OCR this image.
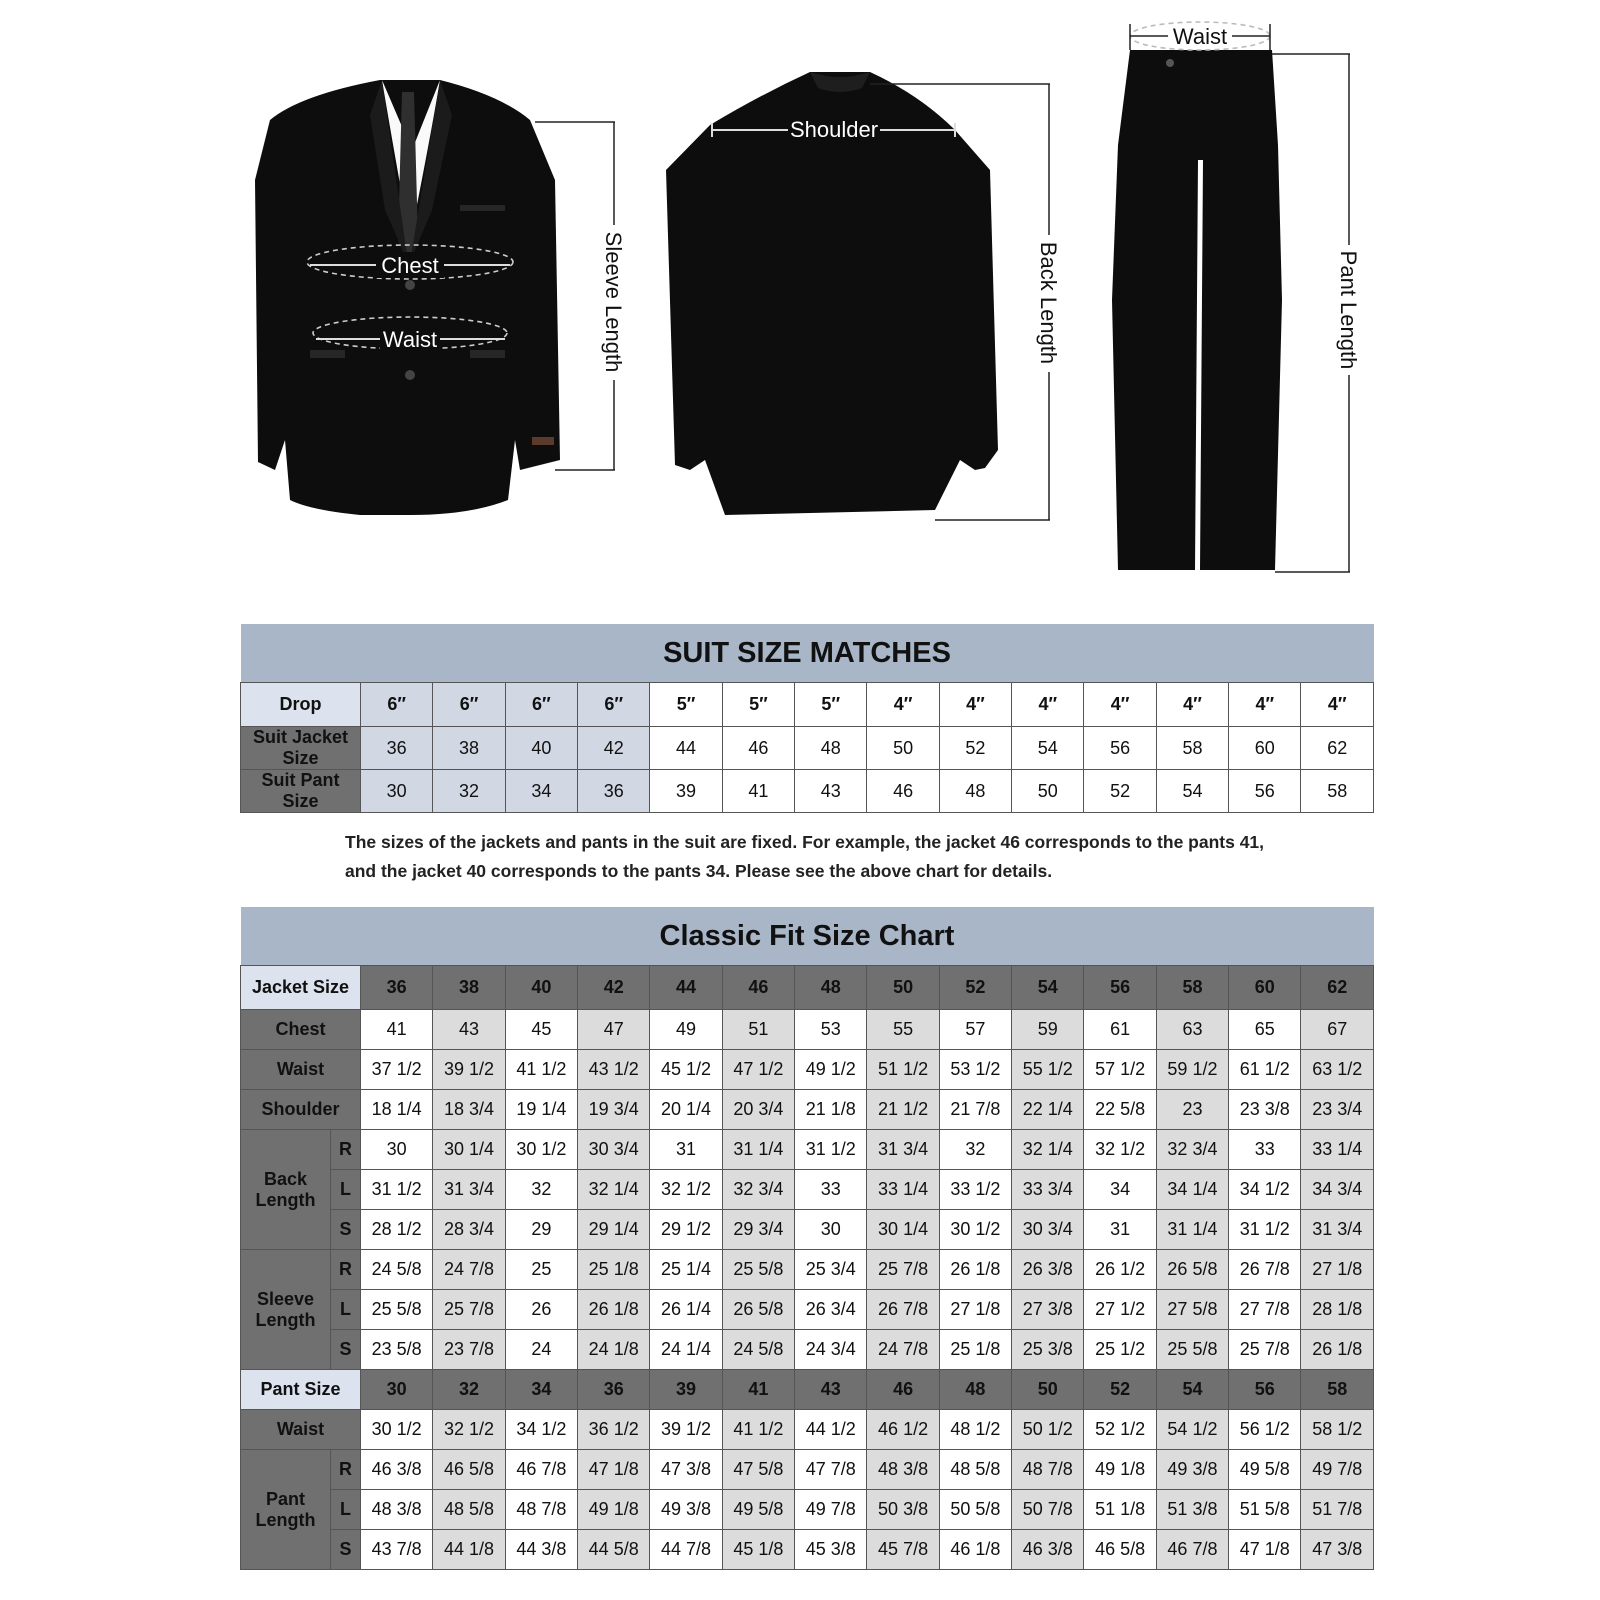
Chest
Waist	Sleeve Length
Shoulder
Back Length
Waist
Pant Length
SUIT SIZE MATCHES														
Drop	6′′	6′′	6′′	6′′	5′′	5′′	5′′	4′′	4′′	4′′	4′′	4′′	4′′	4′′
Suit Jacket Size	36	38	40	42	44	46	48	50	52	54	56	58	60	62
Suit Pant Size	30	32	34	36	39	41	43	46	48	50	52	54	56	58

The sizes of the jackets and pants in the suit are fixed. For example, the jacket 46 corresponds to the pants 41,
and the jacket 40 corresponds to the pants 34. Please see the above chart for details.

Classic Fit Size Chart															
Jacket Size		36	38	40	42	44	46	48	50	52	54	56	58	60	62
Chest		41	43	45	47	49	51	53	55	57	59	61	63	65	67
Waist		37 1/2	39 1/2	41 1/2	43 1/2	45 1/2	47 1/2	49 1/2	51 1/2	53 1/2	55 1/2	57 1/2	59 1/2	61 1/2	63 1/2
Shoulder		18 1/4	18 3/4	19 1/4	19 3/4	20 1/4	20 3/4	21 1/8	21 1/2	21 7/8	22 1/4	22 5/8	23	23 3/8	23 3/4
Back Length	R	30	30 1/4	30 1/2	30 3/4	31	31 1/4	31 1/2	31 3/4	32	32 1/4	32 1/2	32 3/4	33	33 1/4
	L	31 1/2	31 3/4	32	32 1/4	32 1/2	32 3/4	33	33 1/4	33 1/2	33 3/4	34	34 1/4	34 1/2	34 3/4
	S	28 1/2	28 3/4	29	29 1/4	29 1/2	29 3/4	30	30 1/4	30 1/2	30 3/4	31	31 1/4	31 1/2	31 3/4
Sleeve Length	R	24 5/8	24 7/8	25	25 1/8	25 1/4	25 5/8	25 3/4	25 7/8	26 1/8	26 3/8	26 1/2	26 5/8	26 7/8	27 1/8
	L	25 5/8	25 7/8	26	26 1/8	26 1/4	26 5/8	26 3/4	26 7/8	27 1/8	27 3/8	27 1/2	27 5/8	27 7/8	28 1/8
	S	23 5/8	23 7/8	24	24 1/8	24 1/4	24 5/8	24 3/4	24 7/8	25 1/8	25 3/8	25 1/2	25 5/8	25 7/8	26 1/8
Pant Size		30	32	34	36	39	41	43	46	48	50	52	54	56	58
Waist		30 1/2	32 1/2	34 1/2	36 1/2	39 1/2	41 1/2	44 1/2	46 1/2	48 1/2	50 1/2	52 1/2	54 1/2	56 1/2	58 1/2
Pant Length	R	46 3/8	46 5/8	46 7/8	47 1/8	47 3/8	47 5/8	47 7/8	48 3/8	48 5/8	48 7/8	49 1/8	49 3/8	49 5/8	49 7/8
	L	48 3/8	48 5/8	48 7/8	49 1/8	49 3/8	49 5/8	49 7/8	50 3/8	50 5/8	50 7/8	51 1/8	51 3/8	51 5/8	51 7/8
	S	43 7/8	44 1/8	44 3/8	44 5/8	44 7/8	45 1/8	45 3/8	45 7/8	46 1/8	46 3/8	46 5/8	46 7/8	47 1/8	47 3/8
